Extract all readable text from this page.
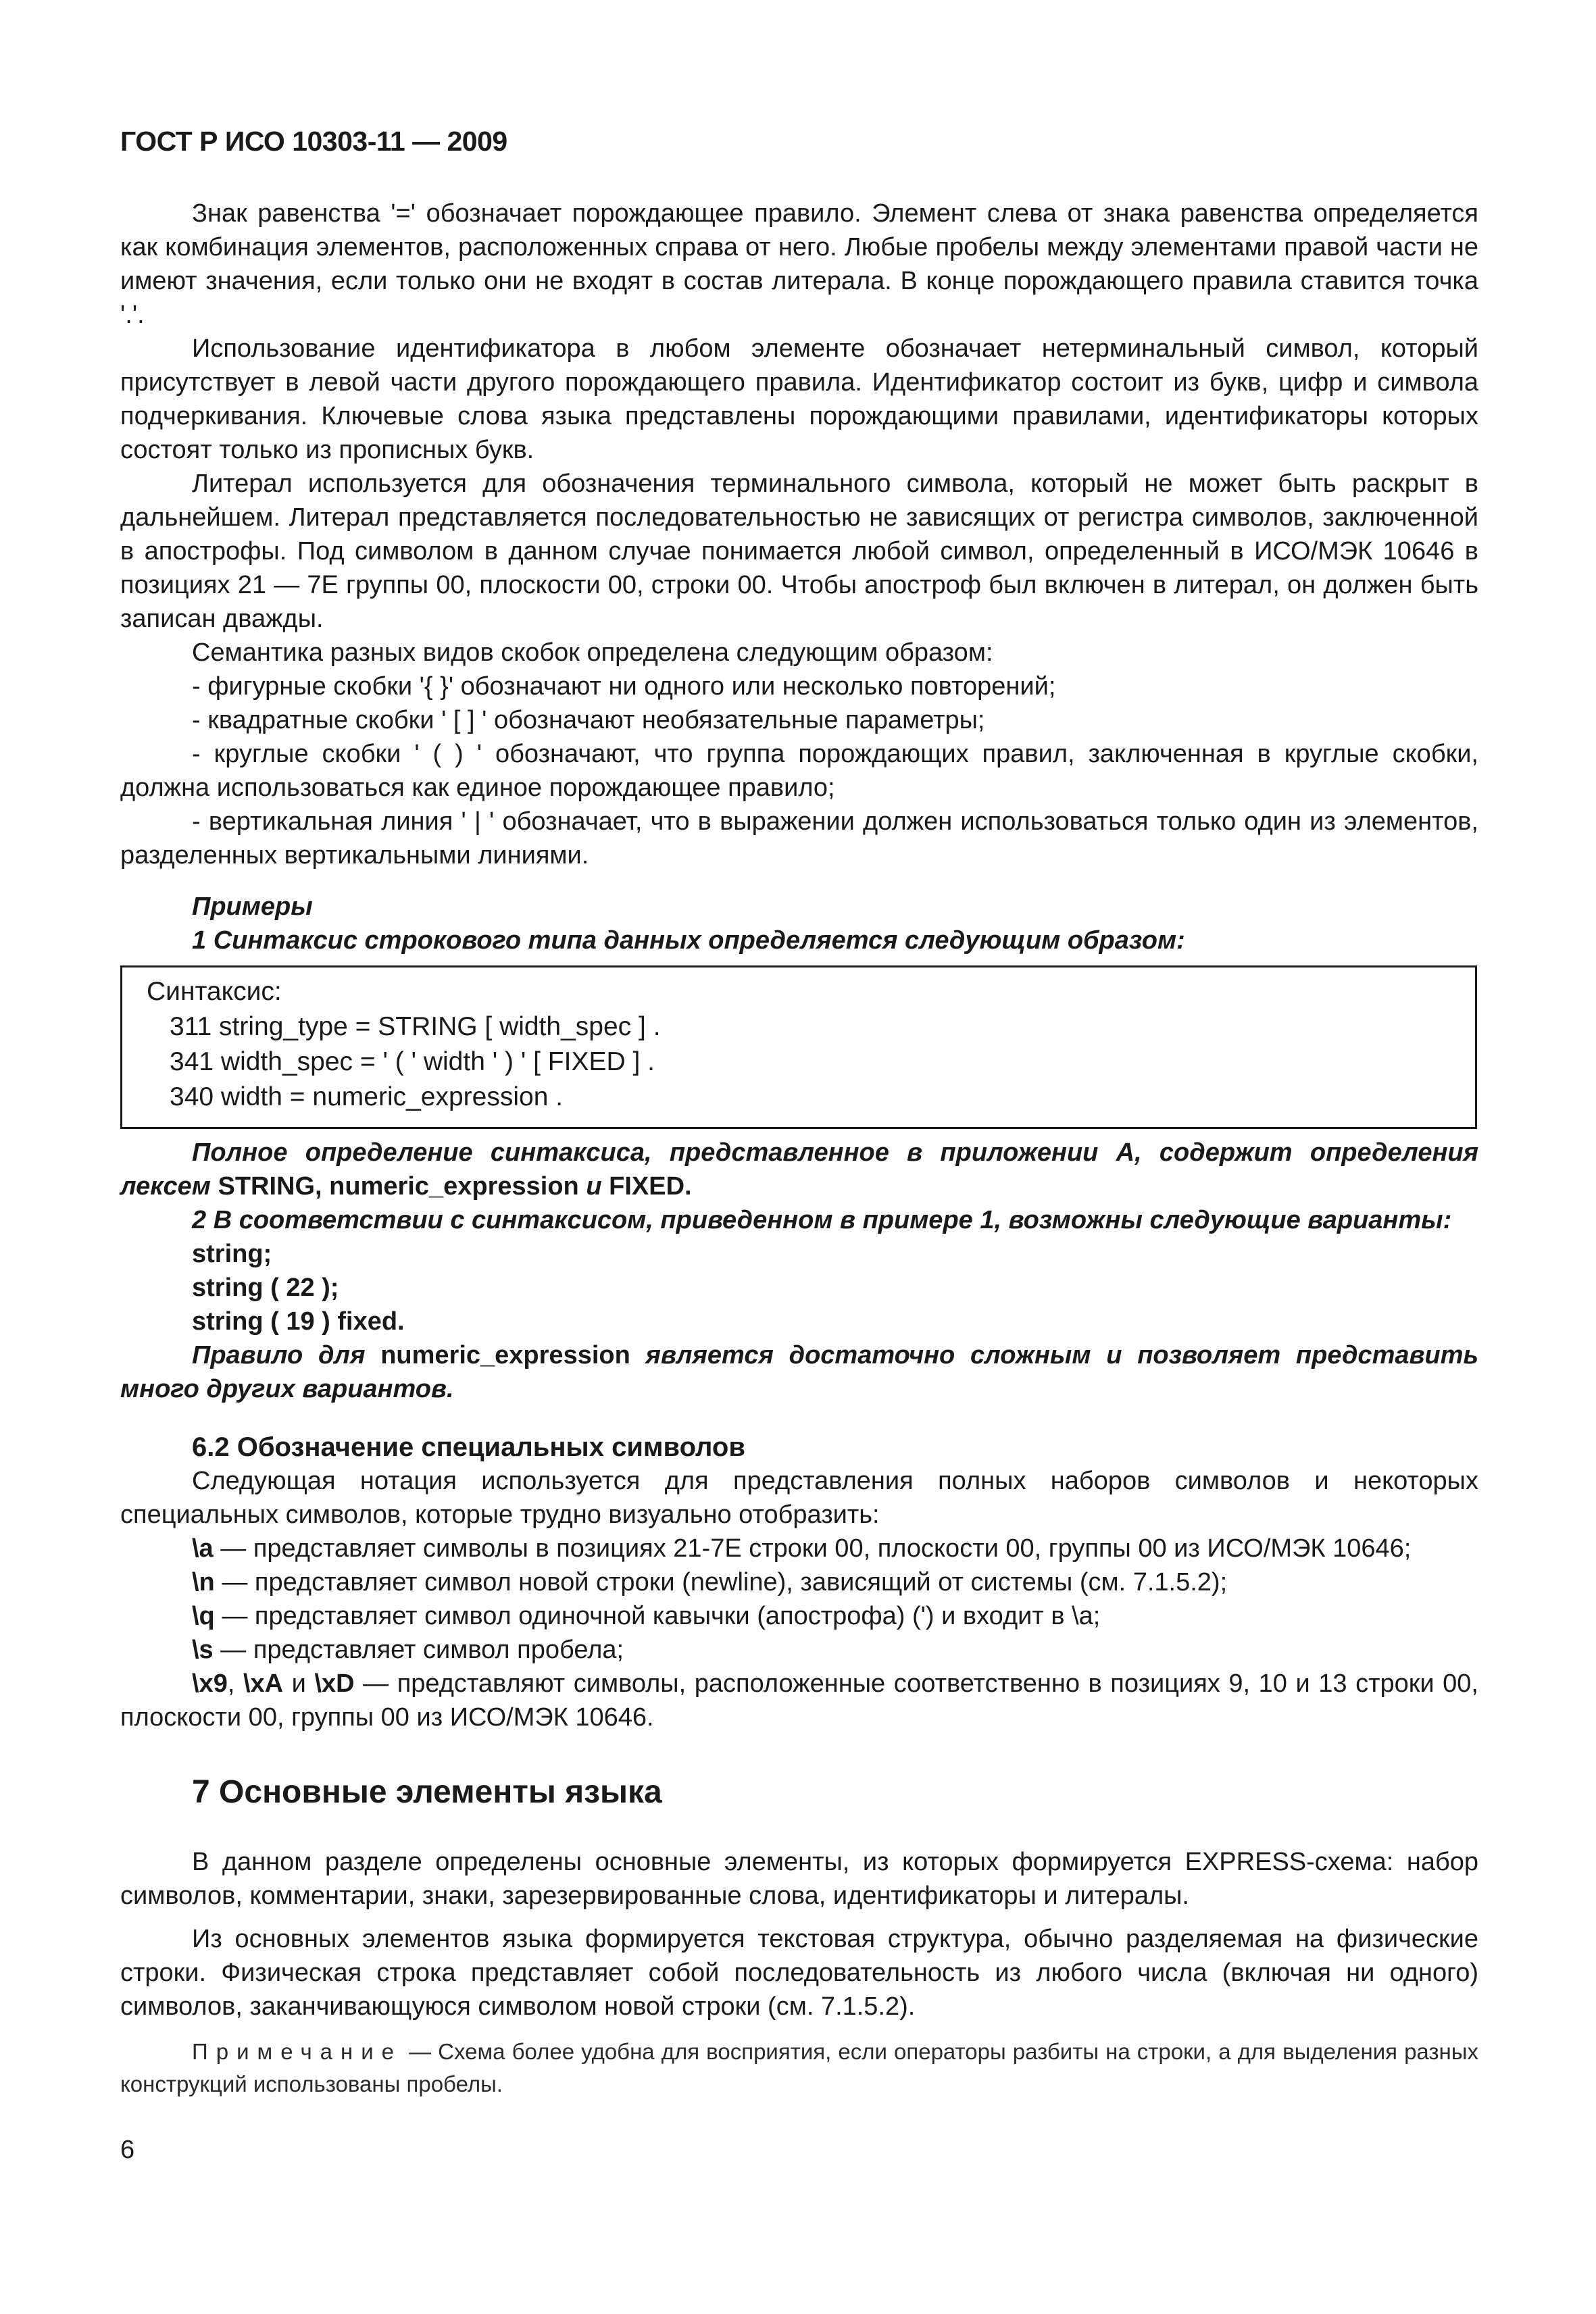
ГОСТ Р ИСО 10303-11 — 2009

Знак равенства '=' обозначает порождающее правило. Элемент слева от знака равенства определяется как комбинация элементов, расположенных справа от него. Любые пробелы между элементами правой части не имеют значения, если только они не входят в состав литерала. В конце порождающего правила ставится точка '.'.

Использование идентификатора в любом элементе обозначает нетерминальный символ, который присутствует в левой части другого порождающего правила. Идентификатор состоит из букв, цифр и символа подчеркивания. Ключевые слова языка представлены порождающими правилами, идентификаторы которых состоят только из прописных букв.

Литерал используется для обозначения терминального символа, который не может быть раскрыт в дальнейшем. Литерал представляется последовательностью не зависящих от регистра символов, заключенной в апострофы. Под символом в данном случае понимается любой символ, определенный в ИСО/МЭК 10646 в позициях 21 — 7E группы 00, плоскости 00, строки 00. Чтобы апостроф был включен в литерал, он должен быть записан дважды.

Семантика разных видов скобок определена следующим образом:

- фигурные скобки '{ }' обозначают ни одного или несколько повторений;

- квадратные скобки ' [ ] ' обозначают необязательные параметры;

- круглые скобки ' ( ) ' обозначают, что группа порождающих правил, заключенная в круглые скобки, должна использоваться как единое порождающее правило;

- вертикальная линия ' | ' обозначает, что в выражении должен использоваться только один из элементов, разделенных вертикальными линиями.

Примеры

1 Синтаксис строкового типа данных определяется следующим образом:

Синтаксис:
311 string_type = STRING [ width_spec ] .
341 width_spec = ' ( ' width ' ) ' [ FIXED ] .
340 width = numeric_expression .

Полное определение синтаксиса, представленное в приложении А, содержит определения лексем STRING, numeric_expression и FIXED.

2 В соответствии с синтаксисом, приведенном в примере 1, возможны следующие варианты:

string;

string ( 22 );

string ( 19 ) fixed.

Правило для numeric_expression является достаточно сложным и позволяет представить много других вариантов.

6.2 Обозначение специальных символов

Следующая нотация используется для представления полных наборов символов и некоторых специальных символов, которые трудно визуально отобразить:

\a — представляет символы в позициях 21-7E строки 00, плоскости 00, группы 00 из ИСО/МЭК 10646;

\n — представляет символ новой строки (newline), зависящий от системы (см. 7.1.5.2);

\q — представляет символ одиночной кавычки (апострофа) (') и входит в \a;

\s — представляет символ пробела;

\x9, \xA и \xD — представляют символы, расположенные соответственно в позициях 9, 10 и 13 строки 00, плоскости 00, группы 00 из ИСО/МЭК 10646.

7 Основные элементы языка

В данном разделе определены основные элементы, из которых формируется EXPRESS-схема: набор символов, комментарии, знаки, зарезервированные слова, идентификаторы и литералы.

Из основных элементов языка формируется текстовая структура, обычно разделяемая на физические строки. Физическая строка представляет собой последовательность из любого числа (включая ни одного) символов, заканчивающуюся символом новой строки (см. 7.1.5.2).

Примечание — Схема более удобна для восприятия, если операторы разбиты на строки, а для выделения разных конструкций использованы пробелы.

6
